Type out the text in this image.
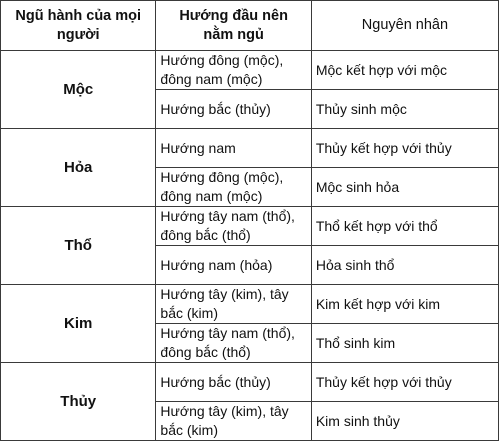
Ngũ hành của mọi người	Hướng đầu nên nằm ngủ	Nguyên nhân
Mộc	Hướng đông (mộc), đông nam (mộc)	Mộc kết hợp với mộc
	Hướng bắc (thủy)	Thủy sinh mộc
Hỏa	Hướng nam	Thủy kết hợp với thủy
	Hướng đông (mộc), đông nam (mộc)	Mộc sinh hỏa
Thổ	Hướng tây nam (thổ), đông bắc (thổ)	Thổ kết hợp với thổ
	Hướng nam (hỏa)	Hỏa sinh thổ
Kim	Hướng tây (kim), tây bắc (kim)	Kim kết hợp với kim
	Hướng tây nam (thổ), đông bắc (thổ)	Thổ sinh kim
Thủy	Hướng bắc (thủy)	Thủy kết hợp với thủy
	Hướng tây (kim), tây bắc (kim)	Kim sinh thủy
